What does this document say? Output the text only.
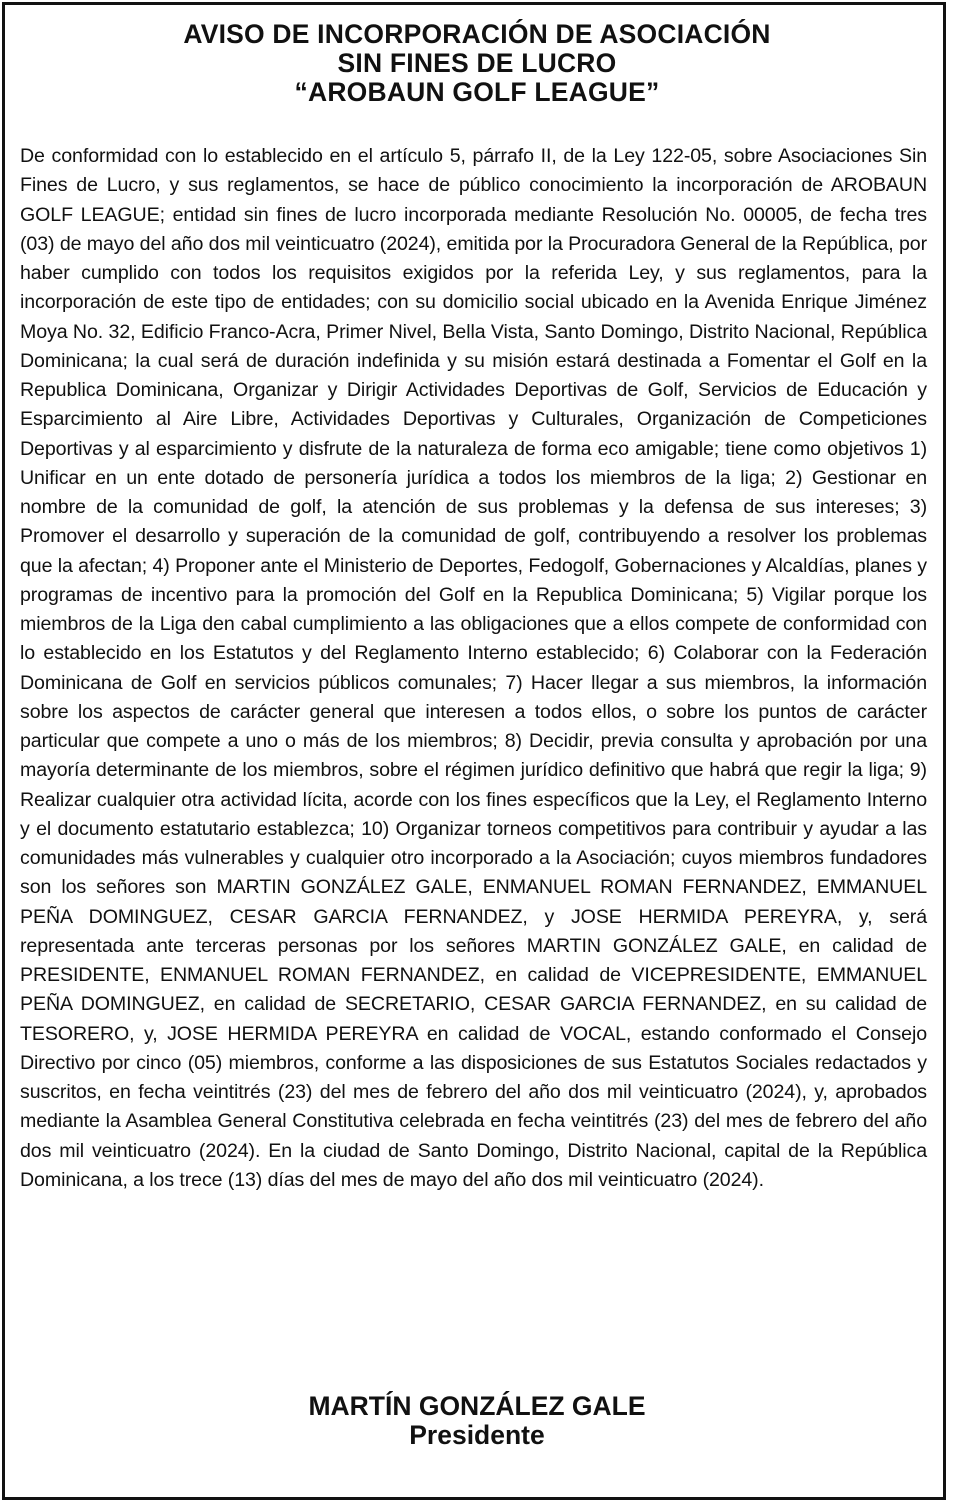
AVISO DE INCORPORACIÓN DE ASOCIACIÓN
SIN FINES DE LUCRO
“AROBAUN GOLF LEAGUE”
De conformidad con lo establecido en el artículo 5, párrafo II, de la Ley 122-05, sobre Asociaciones Sin Fines de Lucro, y sus reglamentos, se hace de público conocimiento la incorporación de AROBAUN GOLF LEAGUE; entidad sin fines de lucro incorporada mediante Resolución No. 00005, de fecha tres (03) de mayo del año dos mil veinticuatro (2024), emitida por la Procuradora General de la República, por haber cumplido con todos los requisitos exigidos por la referida Ley, y sus reglamentos, para la incorporación de este tipo de entidades; con su domicilio social ubicado en la Avenida Enrique Jiménez Moya No. 32, Edificio Franco-Acra, Primer Nivel, Bella Vista, Santo Domingo, Distrito Nacional, República Dominicana; la cual será de duración indefinida y su misión estará destinada a Fomentar el Golf en la Republica Dominicana, Organizar y Dirigir Actividades Deportivas de Golf, Servicios de Educación y Esparcimiento al Aire Libre, Actividades Deportivas y Culturales, Organización de Competiciones Deportivas y al esparcimiento y disfrute de la naturaleza de forma eco amigable; tiene como objetivos 1) Unificar en un ente dotado de personería jurídica a todos los miembros de la liga; 2) Gestionar en nombre de la comunidad de golf, la atención de sus problemas y la defensa de sus intereses; 3) Promover el desarrollo y superación de la comunidad de golf, contribuyendo a resolver los problemas que la afectan; 4) Proponer ante el Ministerio de Deportes, Fedogolf, Gobernaciones y Alcaldías, planes y programas de incentivo para la promoción del Golf en la Republica Dominicana; 5) Vigilar porque los miembros de la Liga den cabal cumplimiento a las obligaciones que a ellos compete de conformidad con lo establecido en los Estatutos y del Reglamento Interno establecido; 6) Colaborar con la Federación Dominicana de Golf en servicios públicos comunales; 7) Hacer llegar a sus miembros, la información sobre los aspectos de carácter general que interesen a todos ellos, o sobre los puntos de carácter particular que compete a uno o más de los miembros; 8) Decidir, previa consulta y aprobación por una mayoría determinante de los miembros, sobre el régimen jurídico definitivo que habrá que regir la liga; 9) Realizar cualquier otra actividad lícita, acorde con los fines específicos que la Ley, el Reglamento Interno y el documento estatutario establezca; 10) Organizar torneos competitivos para contribuir y ayudar a las comunidades más vulnerables y cualquier otro incorporado a la Asociación; cuyos miembros fundadores son los señores son MARTIN GONZÁLEZ GALE, ENMANUEL ROMAN FERNANDEZ, EMMANUEL PEÑA DOMINGUEZ, CESAR GARCIA FERNANDEZ, y JOSE HERMIDA PEREYRA, y, será representada ante terceras personas por los señores MARTIN GONZÁLEZ GALE, en calidad de PRESIDENTE, ENMANUEL ROMAN FERNANDEZ, en calidad de VICEPRESIDENTE, EMMANUEL PEÑA DOMINGUEZ, en calidad de SECRETARIO, CESAR GARCIA FERNANDEZ, en su calidad de TESORERO, y, JOSE HERMIDA PEREYRA en calidad de VOCAL, estando conformado el Consejo Directivo por cinco (05) miembros, conforme a las disposiciones de sus Estatutos Sociales redactados y suscritos, en fecha veintitrés (23) del mes de febrero del año dos mil veinticuatro (2024), y, aprobados mediante la Asamblea General Constitutiva celebrada en fecha veintitrés (23) del mes de febrero del año dos mil veinticuatro (2024). En la ciudad de Santo Domingo, Distrito Nacional, capital de la República Dominicana, a los trece (13) días del mes de mayo del año dos mil veinticuatro (2024).
MARTÍN GONZÁLEZ GALE
Presidente
